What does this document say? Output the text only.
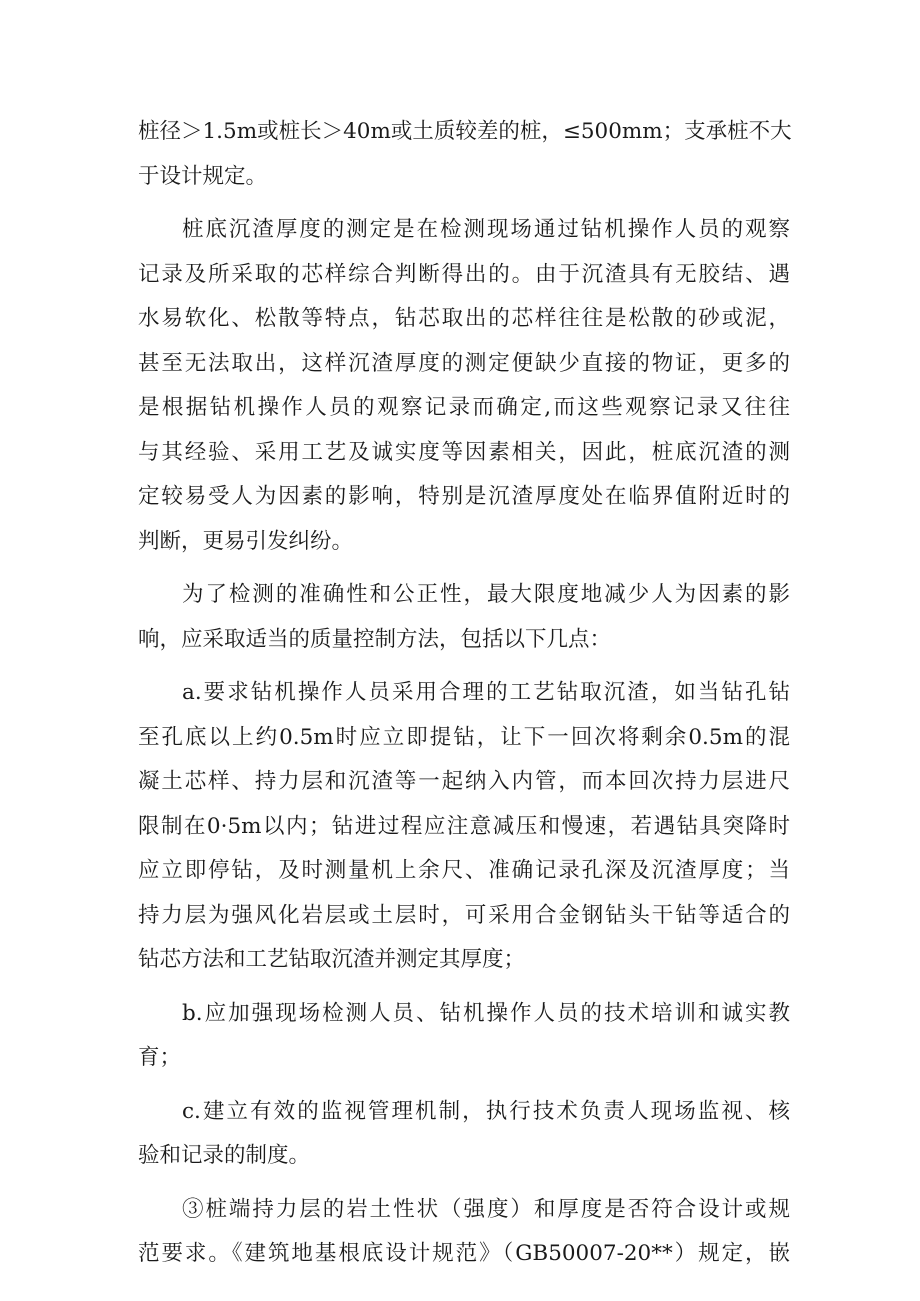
桩径＞1.5m或桩长＞40m或土质较差的桩，≤500mm；支承桩不大
于设计规定。
桩底沉渣厚度的测定是在检测现场通过钻机操作人员的观察
记录及所采取的芯样综合判断得出的。由于沉渣具有无胶结、遇
水易软化、松散等特点，钻芯取出的芯样往往是松散的砂或泥，
甚至无法取出，这样沉渣厚度的测定便缺少直接的物证，更多的
是根据钻机操作人员的观察记录而确定,而这些观察记录又往往
与其经验、采用工艺及诚实度等因素相关，因此，桩底沉渣的测
定较易受人为因素的影响，特别是沉渣厚度处在临界值附近时的
判断，更易引发纠纷。
为了检测的准确性和公正性，最大限度地减少人为因素的影
响，应采取适当的质量控制方法，包括以下几点：
a.要求钻机操作人员采用合理的工艺钻取沉渣，如当钻孔钻
至孔底以上约0.5m时应立即提钻，让下一回次将剩余0.5m的混
凝土芯样、持力层和沉渣等一起纳入内管，而本回次持力层进尺
限制在0·5m以内；钻进过程应注意减压和慢速，若遇钻具突降时
应立即停钻，及时测量机上余尺、准确记录孔深及沉渣厚度；当
持力层为强风化岩层或土层时，可采用合金钢钻头干钻等适合的
钻芯方法和工艺钻取沉渣并测定其厚度；
b.应加强现场检测人员、钻机操作人员的技术培训和诚实教
育；
c.建立有效的监视管理机制，执行技术负责人现场监视、核
验和记录的制度。
③桩端持力层的岩土性状（强度）和厚度是否符合设计或规
范要求。《建筑地基根底设计规范》（GB50007-20**）规定，嵌
